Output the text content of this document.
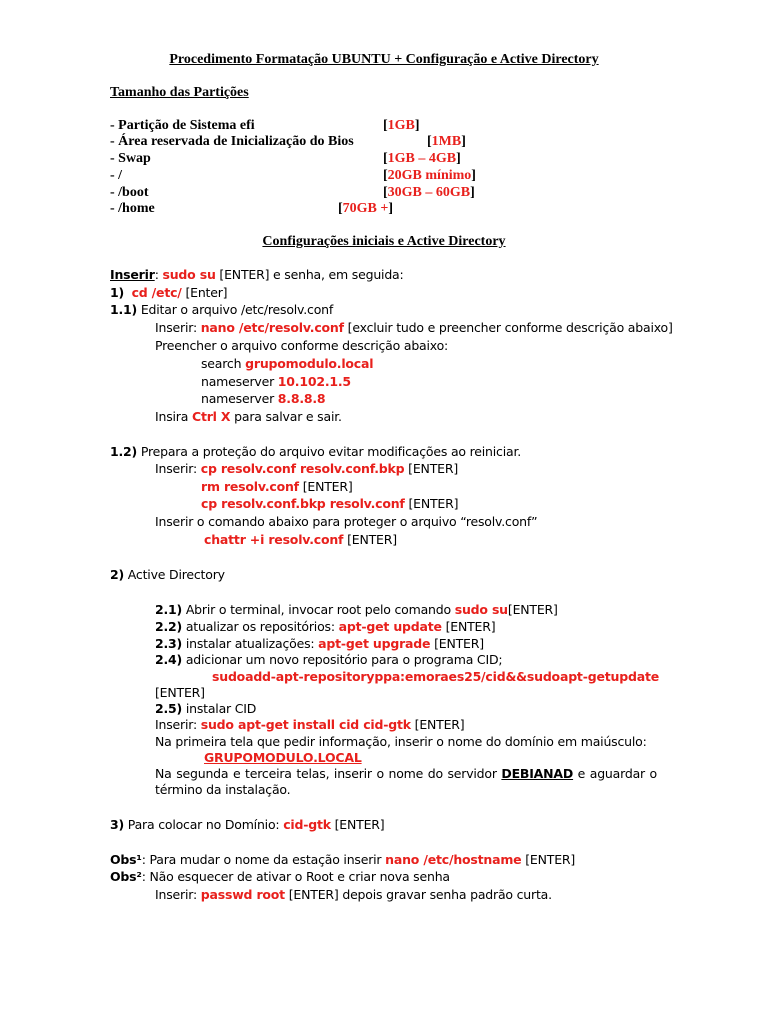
Procedimento Formatação UBUNTU + Configuração e Active Directory
Tamanho das Partições
- Partição de Sistema efi	[1GB]
- Área reservada de Inicialização do Bios	[1MB]
- Swap	[1GB – 4GB]
- /	[20GB mínimo]
- /boot	[30GB – 60GB]
- /home	[70GB +]
Configurações iniciais e Active Directory
Inserir: sudo su [ENTER] e senha, em seguida:
1) cd /etc/ [Enter]
1.1) Editar o arquivo /etc/resolv.conf
Inserir: nano /etc/resolv.conf [excluir tudo e preencher conforme descrição abaixo]
Preencher o arquivo conforme descrição abaixo:
search grupomodulo.local
nameserver 10.102.1.5
nameserver 8.8.8.8
Insira Ctrl X para salvar e sair.
1.2) Prepara a proteção do arquivo evitar modificações ao reiniciar.
Inserir: cp resolv.conf resolv.conf.bkp [ENTER]
rm resolv.conf [ENTER]
cp resolv.conf.bkp resolv.conf [ENTER]
Inserir o comando abaixo para proteger o arquivo “resolv.conf”
chattr +i resolv.conf [ENTER]
2) Active Directory
2.1) Abrir o terminal, invocar root pelo comando sudo su[ENTER]
2.2) atualizar os repositórios: apt-get update [ENTER]
2.3) instalar atualizações: apt-get upgrade [ENTER]
2.4) adicionar um novo repositório para o programa CID;
sudo add-apt-repository ppa:emoraes25/cid && sudo apt-get update
[ENTER]
2.5) instalar CID
Inserir: sudo apt-get install cid cid-gtk [ENTER]
Na primeira tela que pedir informação, inserir o nome do domínio em maiúsculo:
GRUPOMODULO.LOCAL
Na segunda e terceira telas, inserir o nome do servidor DEBIANAD e aguardar o
término da instalação.
3) Para colocar no Domínio: cid-gtk [ENTER]
Obs¹: Para mudar o nome da estação inserir nano /etc/hostname [ENTER]
Obs²: Não esquecer de ativar o Root e criar nova senha
Inserir: passwd root [ENTER] depois gravar senha padrão curta.
